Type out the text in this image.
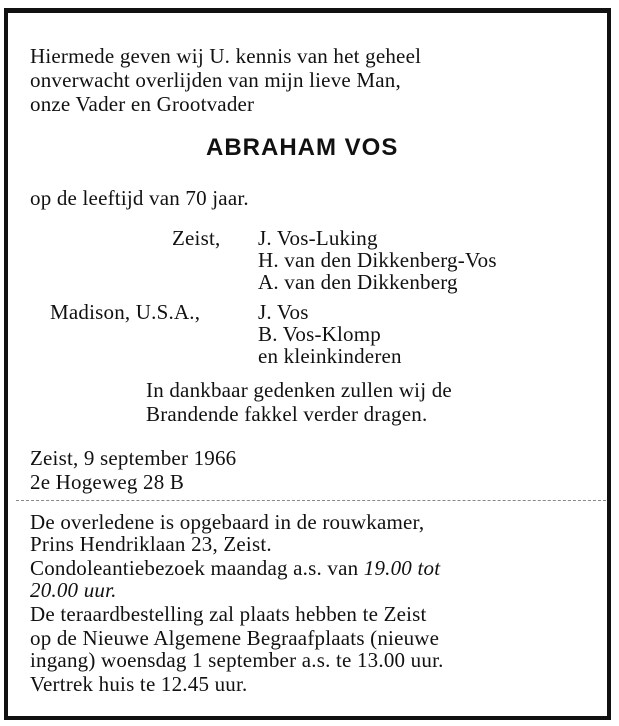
Hiermede geven wij U. kennis van het geheel
onverwacht overlijden van mijn lieve Man,
onze Vader en Grootvader
ABRAHAM VOS
op de leeftijd van 70 jaar.
Zeist, J. Vos-Luking
H. van den Dikkenberg-Vos
A. van den Dikkenberg
Madison, U.S.A.,	J. Vos
B. Vos-Klomp
en kleinkinderen
In dankbaar gedenken zullen wij de
Brandende fakkel verder dragen.
Zeist, 9 september 1966
2e Hogeweg 28 B
De overledene is opgebaard in de rouwkamer,
Prins Hendriklaan 23, Zeist.
Condoleantiebezoek maandag a.s. van 19.00 tot
20.00 uur.
De teraardbestelling zal plaats hebben te Zeist
op de Nieuwe Algemene Begraafplaats (nieuwe
ingang) woensdag 1 september a.s. te 13.00 uur.
Vertrek huis te 12.45 uur.
